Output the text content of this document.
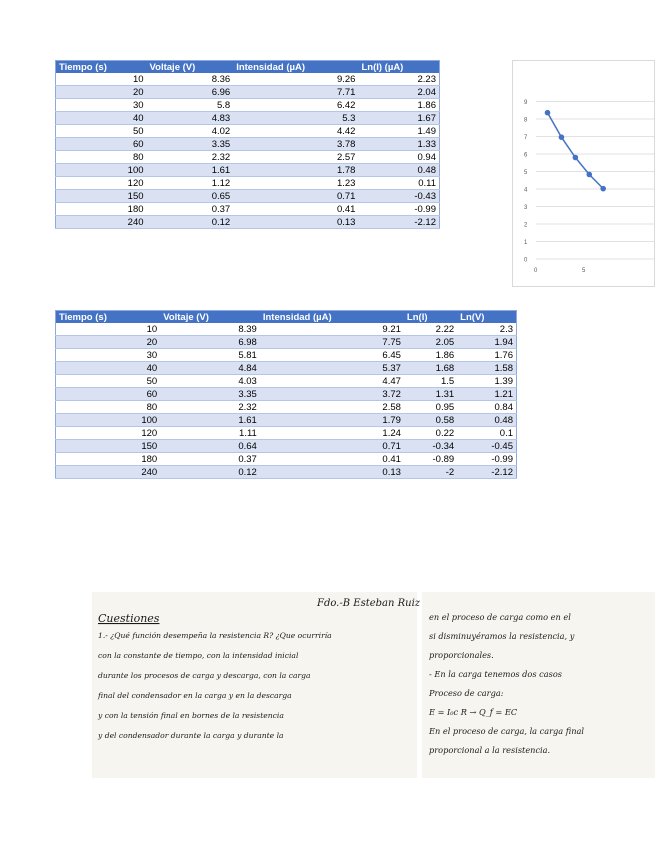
Tiempo (s)	Voltaje (V)	Intensidad (µA)	Ln(I) (µA)
10	8.36	9.26	2.23
20	6.96	7.71	2.04
30	5.8	6.42	1.86
40	4.83	5.3	1.67
50	4.02	4.42	1.49
60	3.35	3.78	1.33
80	2.32	2.57	0.94
100	1.61	1.78	0.48
120	1.12	1.23	0.11
150	0.65	0.71	-0.43
180	0.37	0.41	-0.99
240	0.12	0.13	-2.12
Tiempo (s)	Voltaje (V)	Intensidad (µA)	Ln(I)	Ln(V)
10	8.39	9.21	2.22	2.3
20	6.98	7.75	2.05	1.94
30	5.81	6.45	1.86	1.76
40	4.84	5.37	1.68	1.58
50	4.03	4.47	1.5	1.39
60	3.35	3.72	1.31	1.21
80	2.32	2.58	0.95	0.84
100	1.61	1.79	0.58	0.48
120	1.11	1.24	0.22	0.1
150	0.64	0.71	-0.34	-0.45
180	0.37	0.41	-0.89	-0.99
240	0.12	0.13	-2	-2.12
0
1
2
3
4
5
6
7
8
9
0	5
Fdo.-B Esteban Ruiz
Cuestiones
1.- ¿Qué función desempeña la resistencia R? ¿Que ocurriría
con la constante de tiempo, con la intensidad inicial
durante los procesos de carga y descarga, con la carga
final del condensador en la carga y en la descarga
y con la tensión final en bornes de la resistencia
y del condensador durante la carga y durante la
en el proceso de carga como en el
si disminuyéramos la resistencia, y
proporcionales.
- En la carga tenemos dos casos
Proceso de carga:
E = I₀c R → Q_f = EC
En el proceso de carga, la carga final
proporcional a la resistencia.
